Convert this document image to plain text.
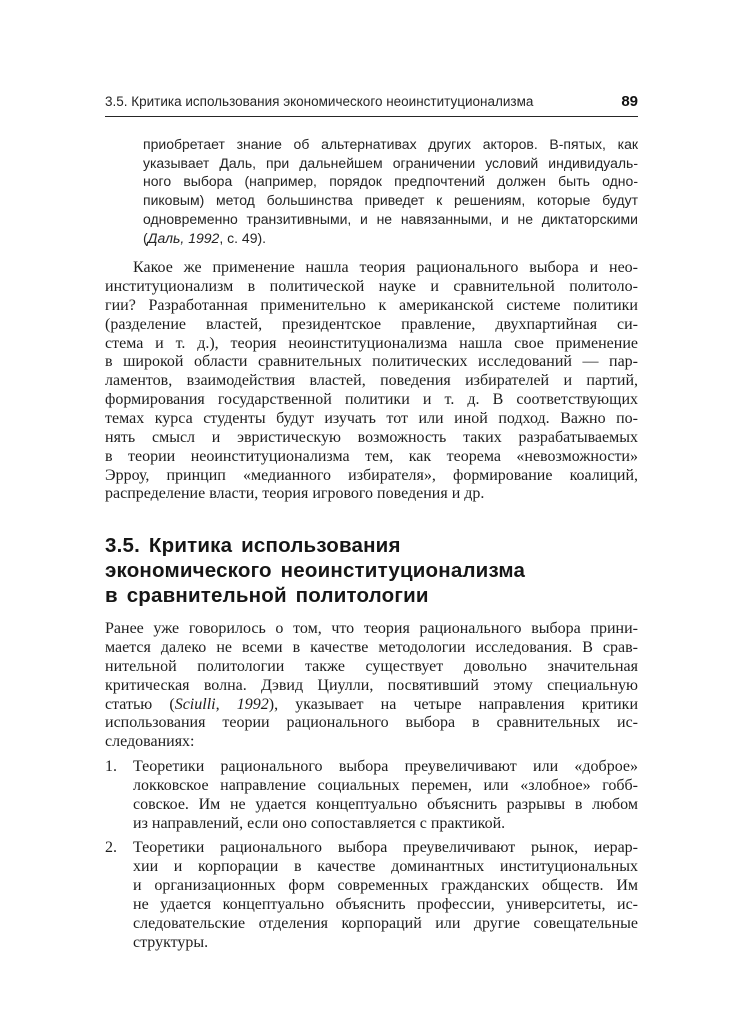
3.5. Критика использования экономического неоинституционализма	89
приобретает знание об альтернативах других акторов. В-пятых, как
указывает Даль, при дальнейшем ограничении условий индивидуаль-
ного выбора (например, порядок предпочтений должен быть одно-
пиковым) метод большинства приведет к решениям, которые будут
одновременно транзитивными, и не навязанными, и не диктаторскими
(Даль, 1992, с. 49).
Какое же применение нашла теория рационального выбора и нео-
институционализм в политической науке и сравнительной политоло-
гии? Разработанная применительно к американской системе политики
(разделение властей, президентское правление, двухпартийная си-
стема и т. д.), теория неоинституционализма нашла свое применение
в широкой области сравнительных политических исследований — пар-
ламентов, взаимодействия властей, поведения избирателей и партий,
формирования государственной политики и т. д. В соответствующих
темах курса студенты будут изучать тот или иной подход. Важно по-
нять смысл и эвристическую возможность таких разрабатываемых
в теории неоинституционализма тем, как теорема «невозможности»
Эрроу, принцип «медианного избирателя», формирование коалиций,
распределение власти, теория игрового поведения и др.
3.5. Критика использования
экономического неоинституционализма
в сравнительной политологии
Ранее уже говорилось о том, что теория рационального выбора прини-
мается далеко не всеми в качестве методологии исследования. В срав-
нительной политологии также существует довольно значительная
критическая волна. Дэвид Циулли, посвятивший этому специальную
статью (Sciulli, 1992), указывает на четыре направления критики
использования теории рационального выбора в сравнительных ис-
следованиях:
1.	Теоретики рационального выбора преувеличивают или «доброе»
локковское направление социальных перемен, или «злобное» гобб-
совское. Им не удается концептуально объяснить разрывы в любом
из направлений, если оно сопоставляется с практикой.
2.	Теоретики рационального выбора преувеличивают рынок, иерар-
хии и корпорации в качестве доминантных институциональных
и организационных форм современных гражданских обществ. Им
не удается концептуально объяснить профессии, университеты, ис-
следовательские отделения корпораций или другие совещательные
структуры.
